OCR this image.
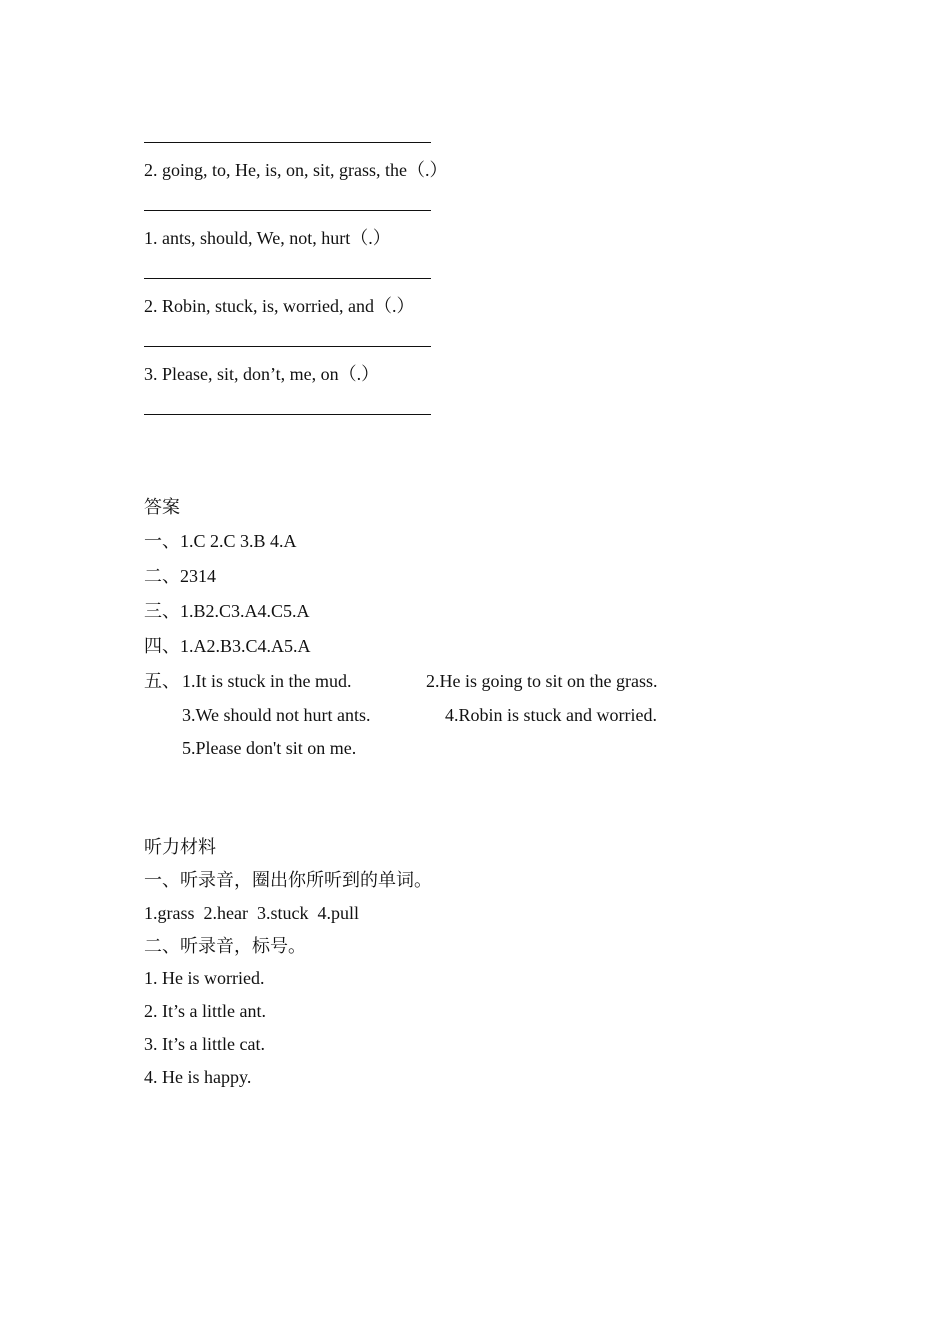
2. going, to, He, is, on, sit, grass, the（.）
1. ants, should, We, not, hurt（.）
2. Robin, stuck, is, worried, and（.）
3. Please, sit, don’t, me, on（.）
答案
一、1.C 2.C 3.B 4.A
二、2314
三、1.B2.C3.A4.C5.A
四、1.A2.B3.C4.A5.A
五、 1.It is stuck in the mud.	2.He is going to sit on the grass.
3.We should not hurt ants.	4.Robin is stuck and worried.
5.Please don't sit on me.
听力材料
一、听录音，圈出你所听到的单词。
1.grass  2.hear  3.stuck  4.pull
二、听录音，标号。
1. He is worried.
2. It’s a little ant.
3. It’s a little cat.
4. He is happy.
